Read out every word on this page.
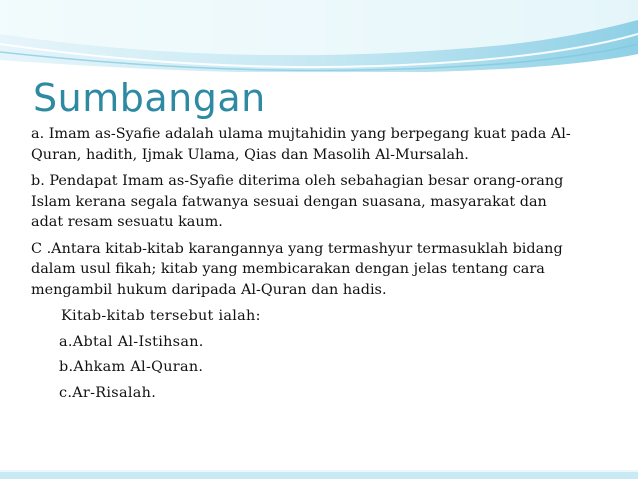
Sumbangan
a. Imam as-Syafie adalah ulama mujtahidin yang berpegang kuat pada Al-
Quran, hadith, Ijmak Ulama, Qias dan Masolih Al-Mursalah.
b. Pendapat Imam as-Syafie diterima oleh sebahagian besar orang-orang
Islam kerana segala fatwanya sesuai dengan suasana, masyarakat dan
adat resam sesuatu kaum.
C .Antara kitab-kitab karangannya yang termashyur termasuklah bidang
dalam usul fikah; kitab yang membicarakan dengan jelas tentang cara
mengambil hukum daripada Al-Quran dan hadis.
Kitab-kitab tersebut ialah:
a.Abtal Al-Istihsan.
b.Ahkam Al-Quran.
c.Ar-Risalah.
